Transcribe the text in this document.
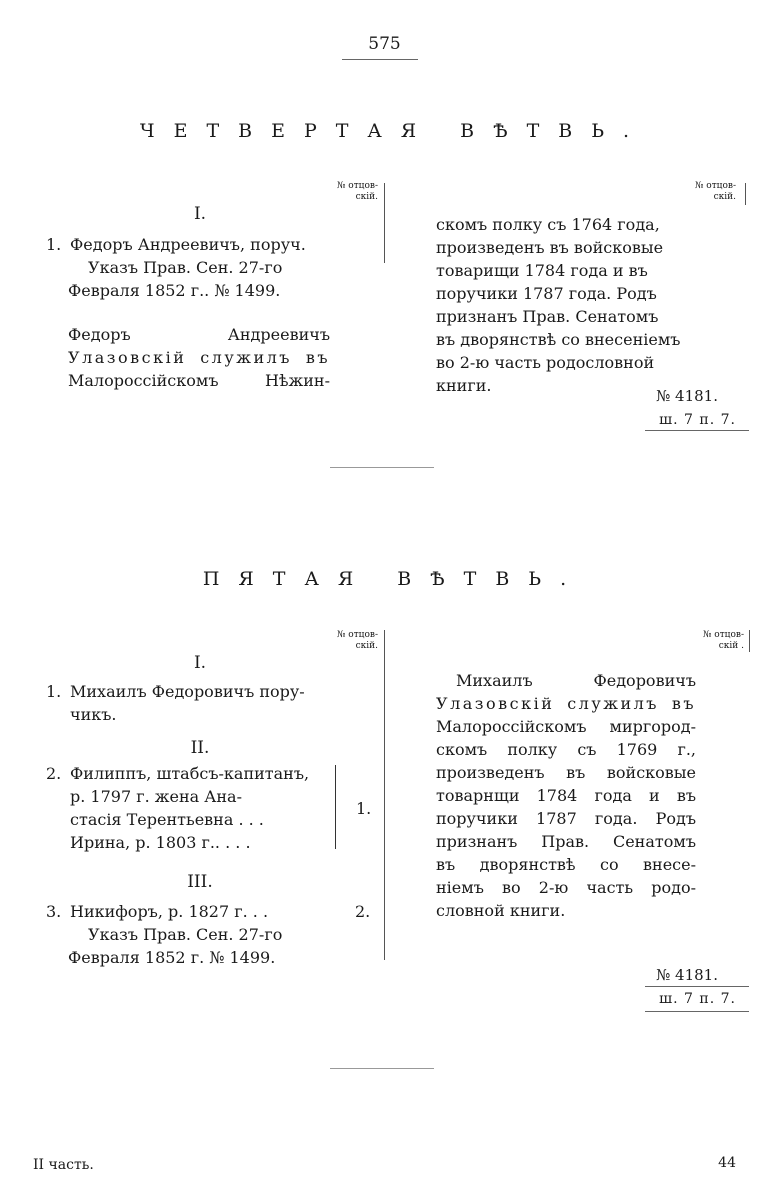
575
ЧЕТВЕРТАЯ ВѢТВЬ.
№ отцов-
скій.
№ отцов-
скій.
I.

1. Федоръ Андреевичъ, поруч.

Указъ Прав. Сен. 27-го

Февраля 1852 г.. № 1499.

Федоръ Андреевичъ

Улазовскій служилъ въ

Малороссійскомъ Нѣжин-

скомъ полку съ 1764 года,

произведенъ въ войсковые

товарищи 1784 года и въ

поручики 1787 года. Родъ

признанъ Прав. Сенатомъ

въ дворянствѣ со внесеніемъ

во 2-ю часть родословной

книги.

№ 4181.
ш. 7 п. 7.
ПЯТАЯ ВѢТВЬ.
№ отцов-
скій.
№ отцов-
скій .
I.

1. Михаилъ Федоровичъ пору-

чикъ.

II.

2. Филиппъ, штабсъ-капитанъ,

р. 1797 г. жена Ана-

стасія Терентьевна . . .

Ирина, р. 1803 г.. . . .

1.
III.

3. Никифоръ, р. 1827 г. . .

Указъ Прав. Сен. 27-го

Февраля 1852 г. № 1499.

2.

Михаилъ Федоровичъ

Улазовскій служилъ въ

Малороссійскомъ миргород-

скомъ полку съ 1769 г.,

произведенъ въ войсковые

товарнщи 1784 года и въ

поручики 1787 года. Родъ

признанъ Прав. Сенатомъ

въ дворянствѣ со внесе-

ніемъ во 2-ю часть родо-

словной книги.

№ 4181.
ш. 7 п. 7.
II часть.	44
